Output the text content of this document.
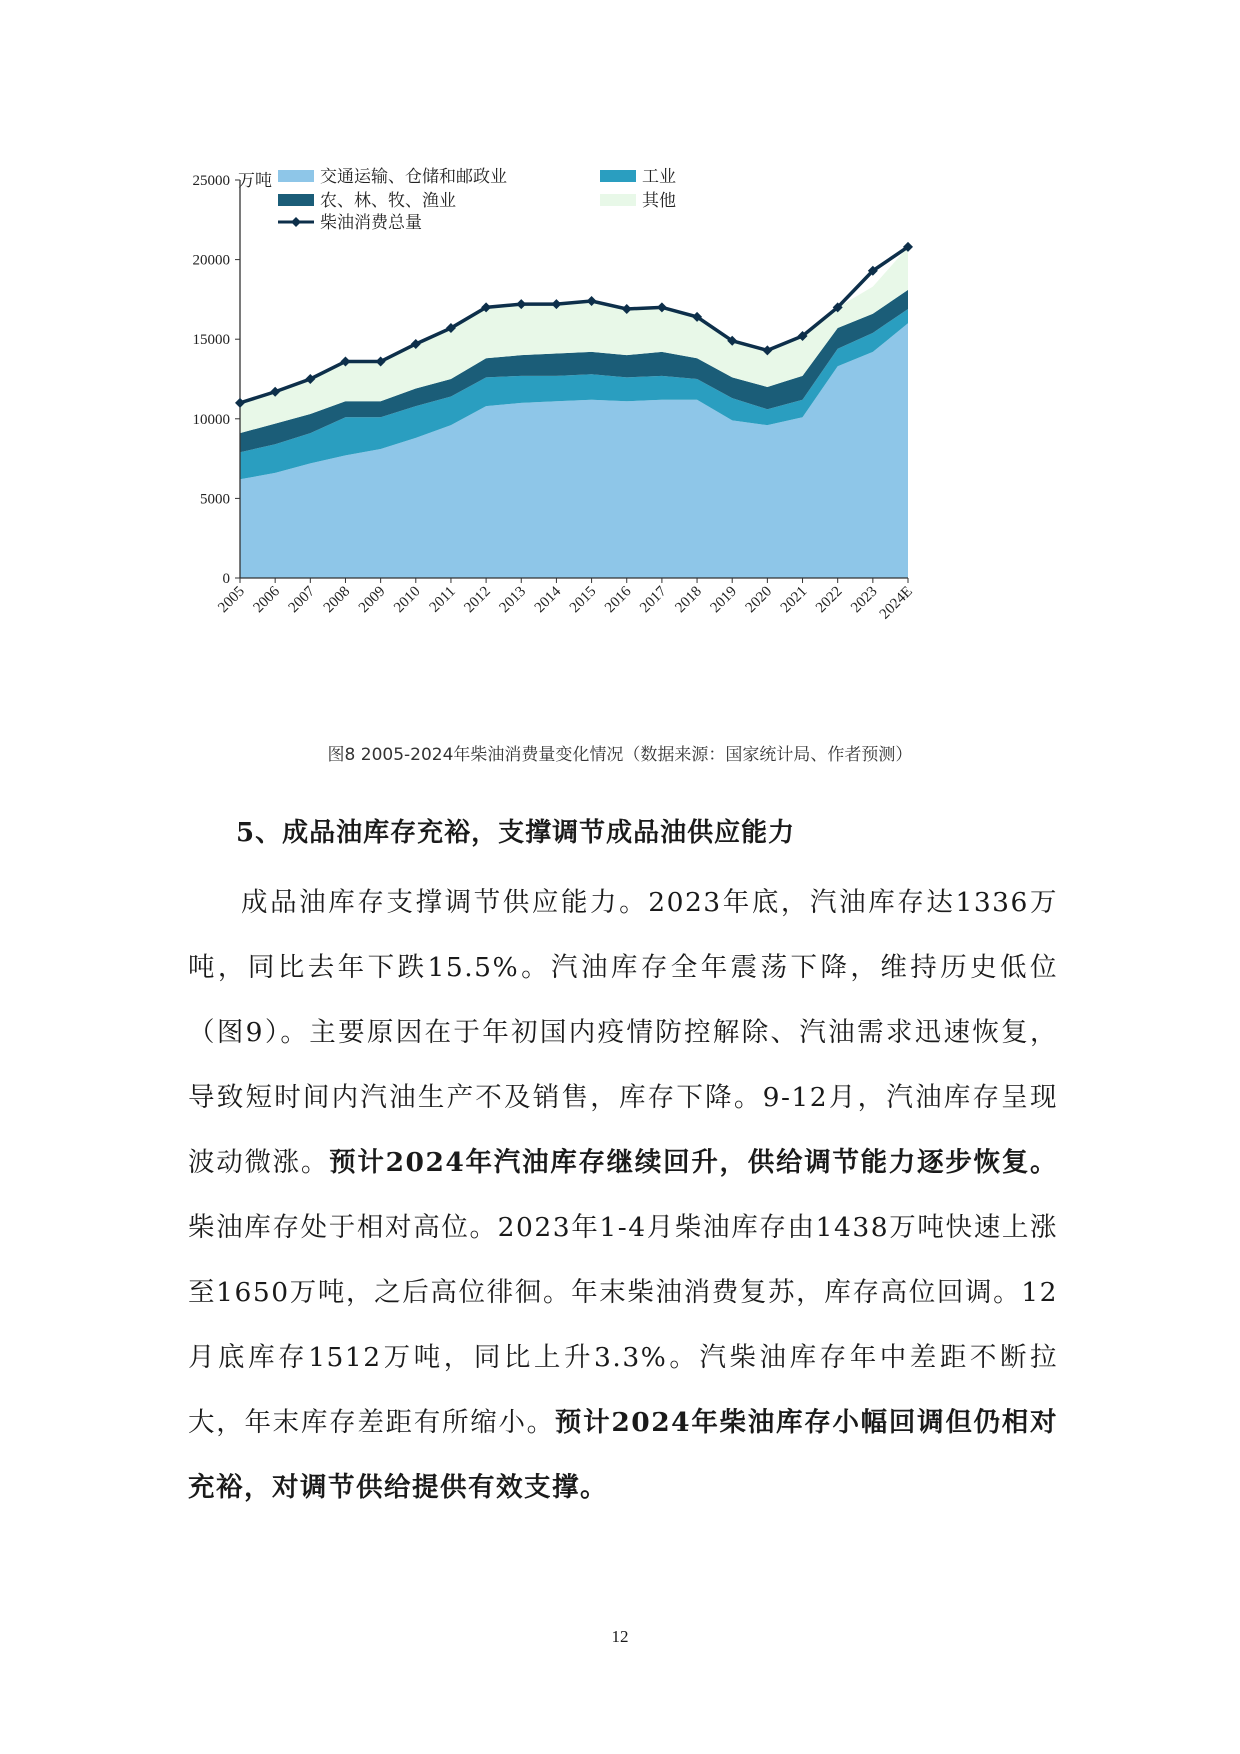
0
5000
10000
15000
20000
25000
2005 2006 2007 2008 2009 2010 2011 2012 2013 2014 2015 2016 2017 2018 2019 2020 2021 2022 2023
2024E
万吨	交通运输、仓储和邮政业	工业
农、林、牧、渔业	其他
柴油消费总量
图8 2005-2024年柴油消费量变化情况（数据来源：国家统计局、作者预测）
5、成品油库存充裕，支撑调节成品油供应能力

成品油库存支撑调节供应能力。2023年底，汽油库存达1336万吨，同比去年下跌15.5%。汽油库存全年震荡下降，维持历史低位（图9）。主要原因在于年初国内疫情防控解除、汽油需求迅速恢复，导致短时间内汽油生产不及销售，库存下降。9-12月，汽油库存呈现波动微涨。预计2024年汽油库存继续回升，供给调节能力逐步恢复。柴油库存处于相对高位。2023年1-4月柴油库存由1438万吨快速上涨至1650万吨，之后高位徘徊。年末柴油消费复苏，库存高位回调。12月底库存1512万吨，同比上升3.3%。汽柴油库存年中差距不断拉大，年末库存差距有所缩小。预计2024年柴油库存小幅回调但仍相对充裕，对调节供给提供有效支撑。

12
